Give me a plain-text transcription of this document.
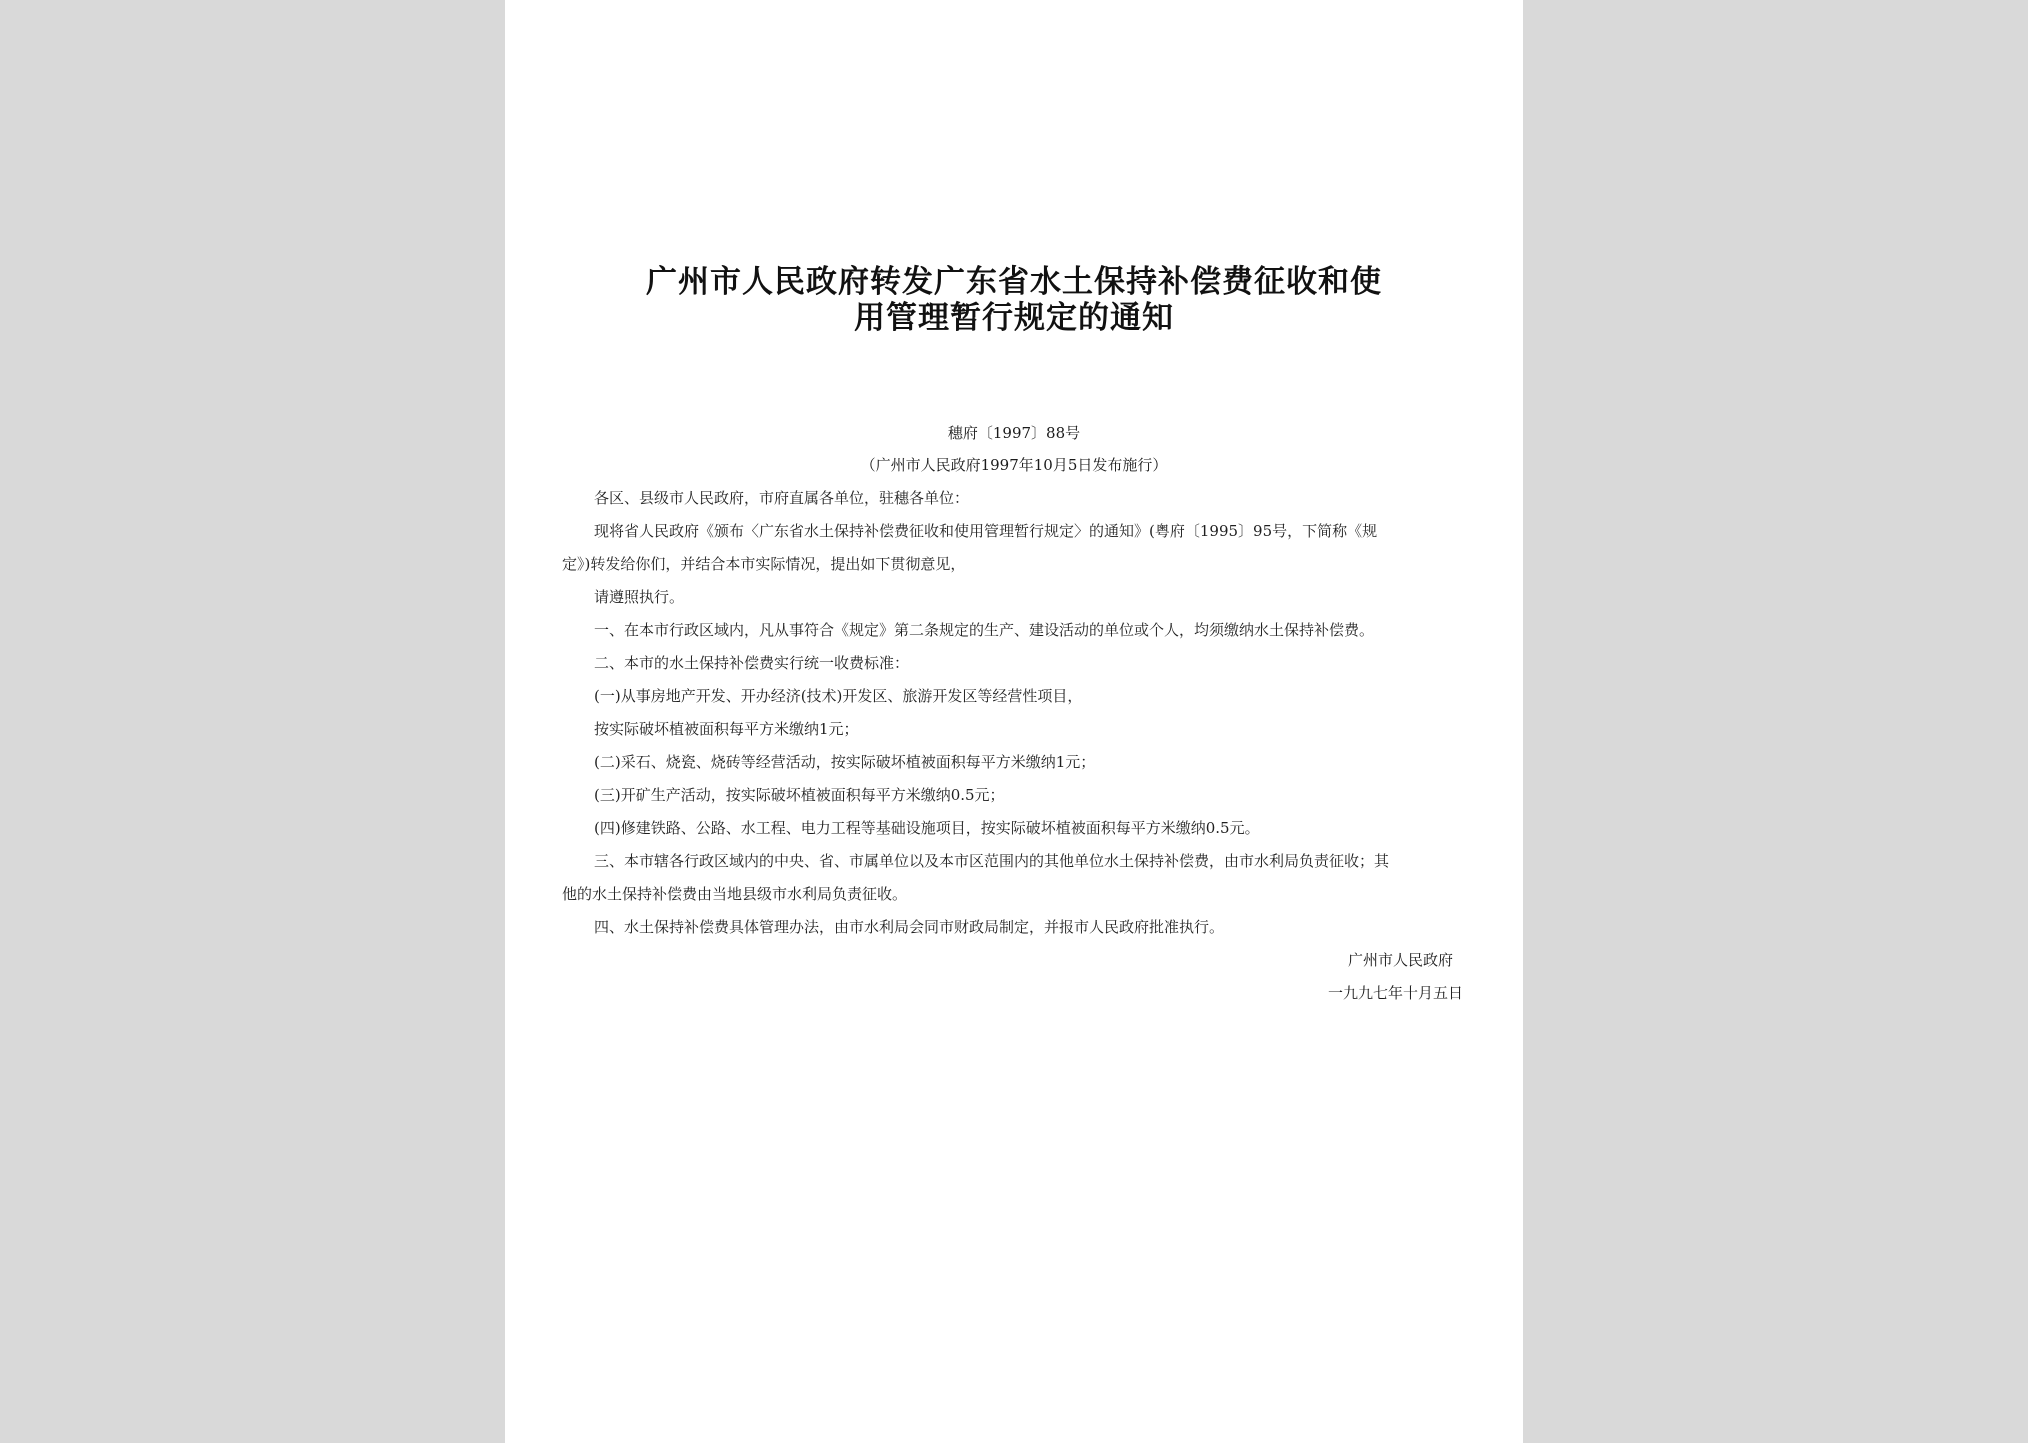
广州市人民政府转发广东省水土保持补偿费征收和使
用管理暂行规定的通知
穗府〔1997〕88号
（广州市人民政府1997年10月5日发布施行）
各区、县级市人民政府，市府直属各单位，驻穗各单位：
现将省人民政府《颁布〈广东省水土保持补偿费征收和使用管理暂行规定〉的通知》(粤府〔1995〕95号，下简称《规
定》)转发给你们，并结合本市实际情况，提出如下贯彻意见，
请遵照执行。
一、在本市行政区域内，凡从事符合《规定》第二条规定的生产、建设活动的单位或个人，均须缴纳水土保持补偿费。
二、本市的水土保持补偿费实行统一收费标准：
(一)从事房地产开发、开办经济(技术)开发区、旅游开发区等经营性项目，
按实际破坏植被面积每平方米缴纳1元；
(二)采石、烧瓷、烧砖等经营活动，按实际破坏植被面积每平方米缴纳1元；
(三)开矿生产活动，按实际破坏植被面积每平方米缴纳0.5元；
(四)修建铁路、公路、水工程、电力工程等基础设施项目，按实际破坏植被面积每平方米缴纳0.5元。
三、本市辖各行政区域内的中央、省、市属单位以及本市区范围内的其他单位水土保持补偿费，由市水利局负责征收；其
他的水土保持补偿费由当地县级市水利局负责征收。
四、水土保持补偿费具体管理办法，由市水利局会同市财政局制定，并报市人民政府批准执行。
广州市人民政府
一九九七年十月五日
